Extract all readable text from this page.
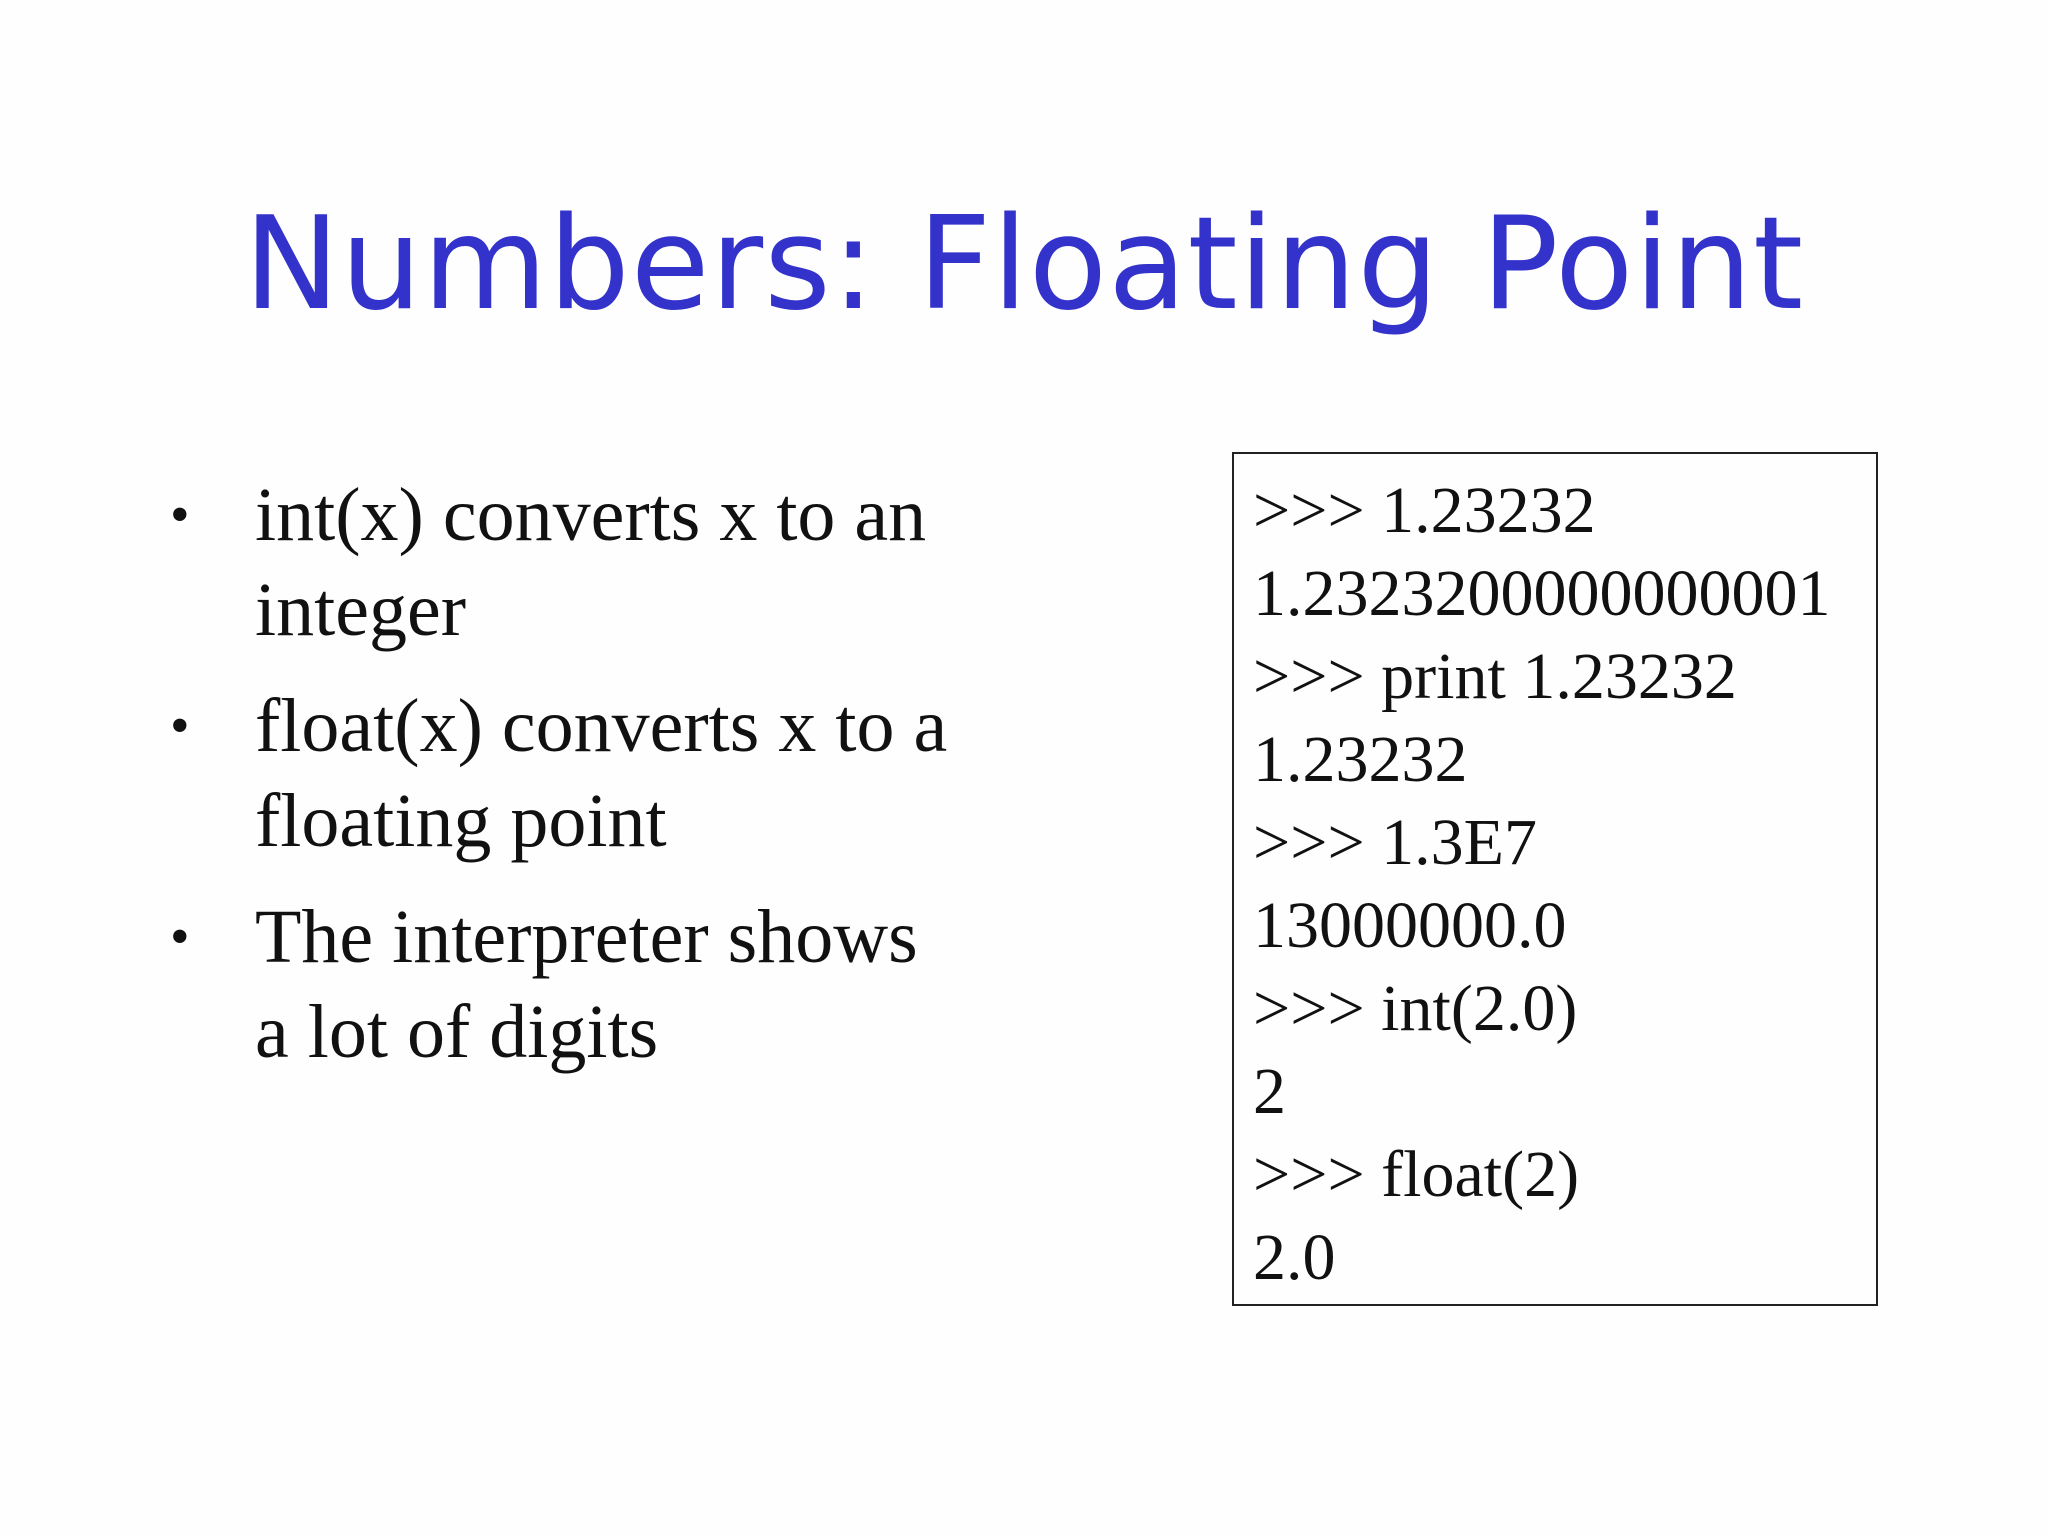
Numbers: Floating Point
• int(x) converts x to an
integer
• float(x) converts x to a
floating point
• The interpreter shows
a lot of digits
>>> 1.23232
1.2323200000000001
>>> print 1.23232
1.23232
>>> 1.3E7
13000000.0
>>> int(2.0)
2
>>> float(2)
2.0
